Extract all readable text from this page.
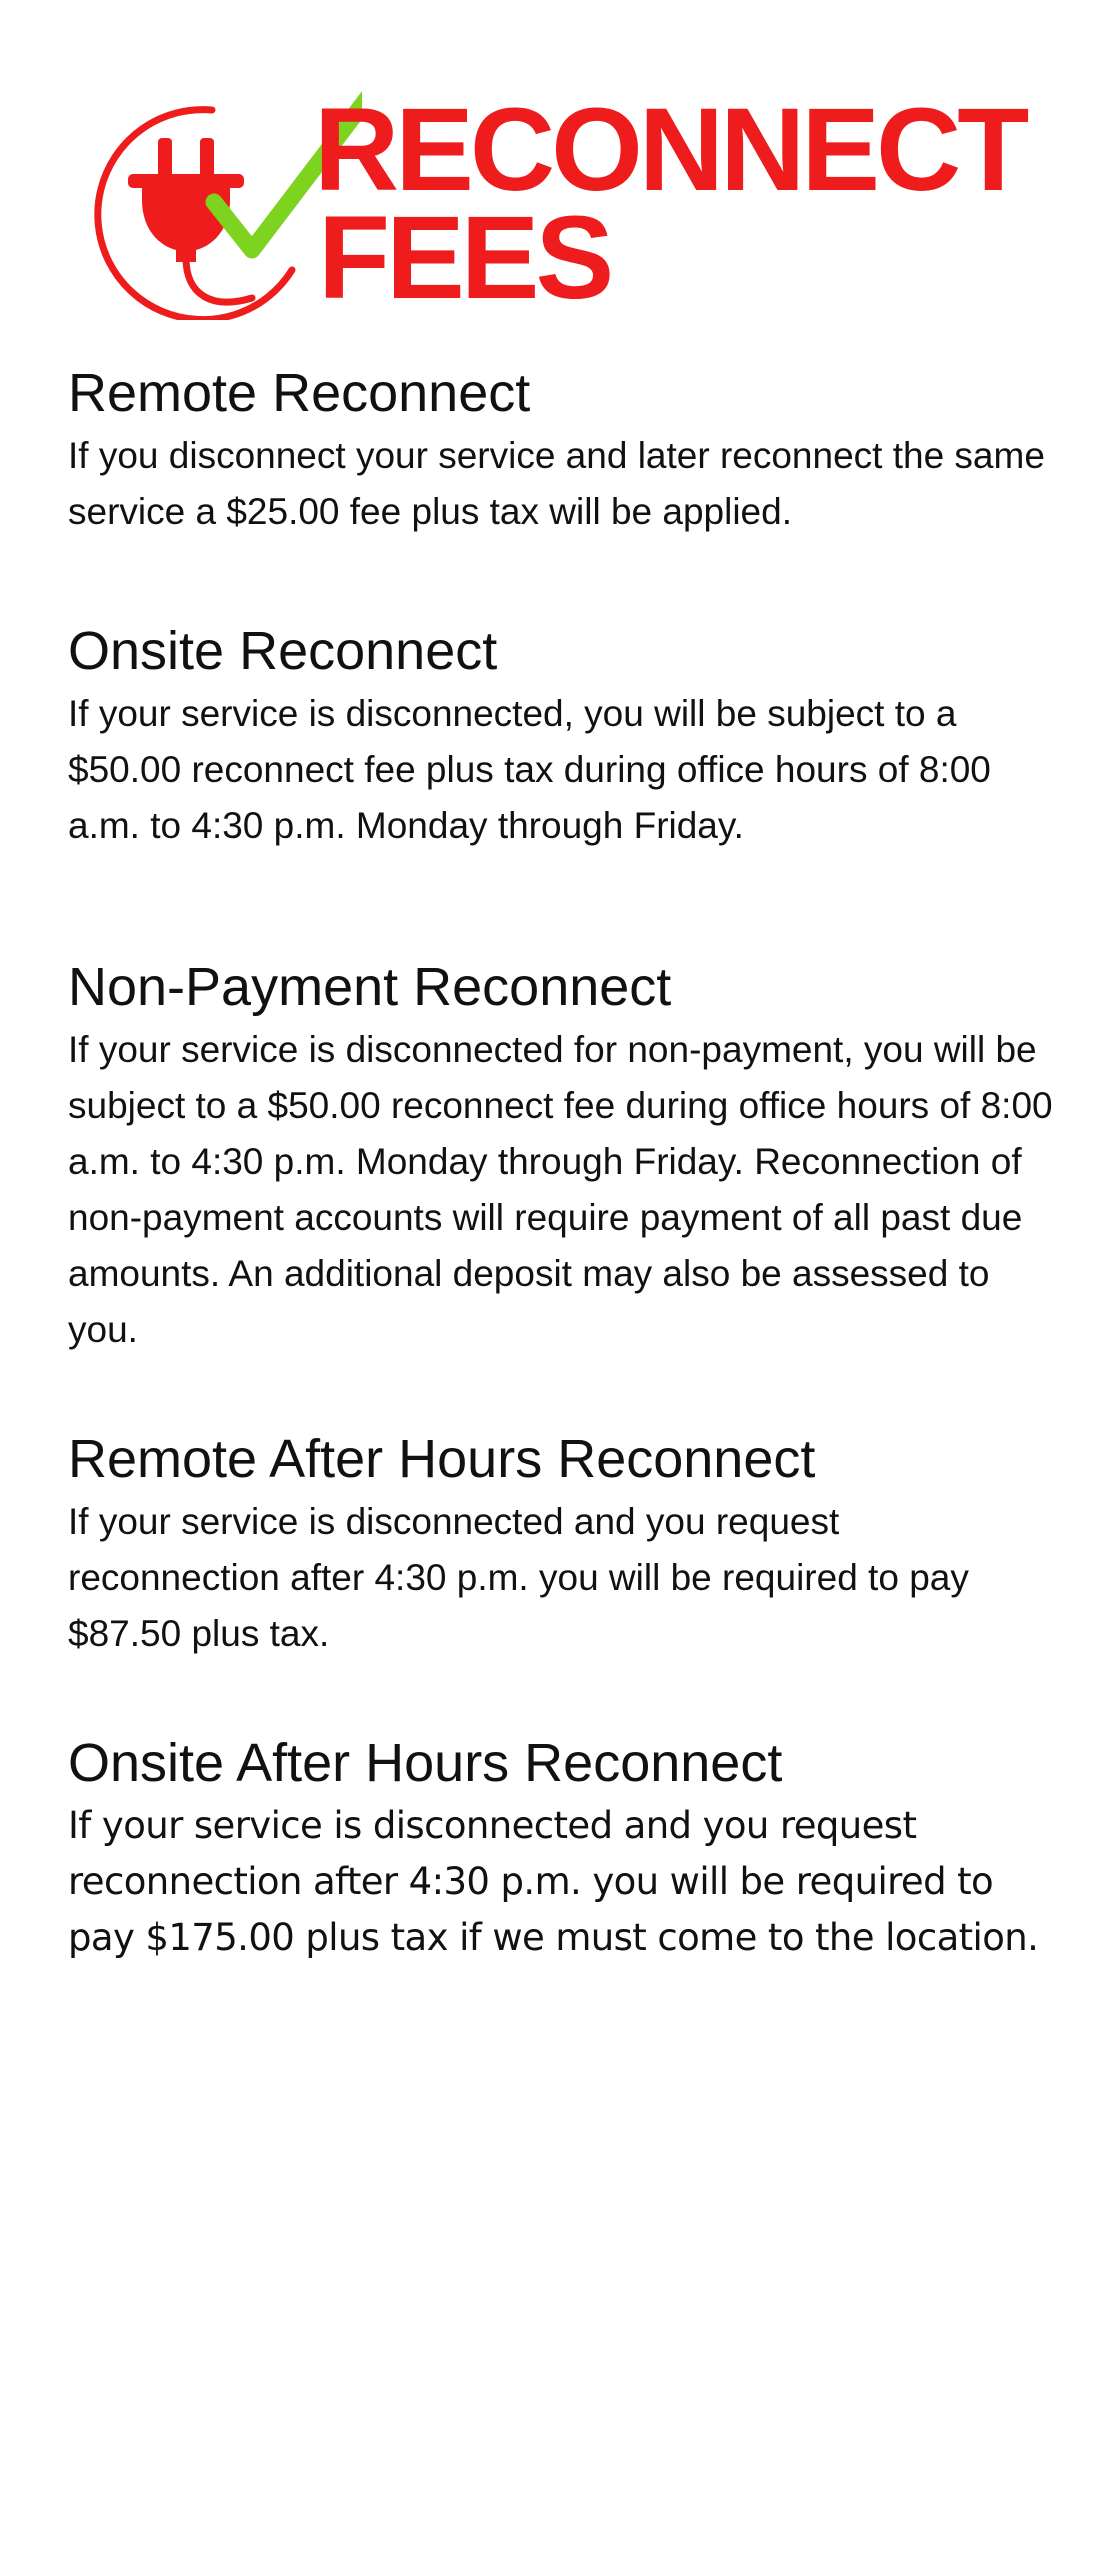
RECONNECT
FEES
Remote Reconnect

If you disconnect your service and later reconnect the same service a $25.00 fee plus tax will be applied.

Onsite Reconnect

If your service is disconnected, you will be subject to a $50.00 reconnect fee plus tax during office hours of 8:00 a.m. to 4:30 p.m. Monday through Friday.

Non-Payment Reconnect

If your service is disconnected for non-payment, you will be subject to a $50.00 reconnect fee during office hours of 8:00 a.m. to 4:30 p.m. Monday through Friday. Reconnection of non-payment accounts will require payment of all past due amounts. An additional deposit may also be assessed to you.

Remote After Hours Reconnect

If your service is disconnected and you request reconnection after 4:30 p.m. you will be required to pay $87.50 plus tax.

Onsite After Hours Reconnect

If your service is disconnected and you request reconnection after 4:30 p.m. you will be required to pay $175.00 plus tax if we must come to the location.
